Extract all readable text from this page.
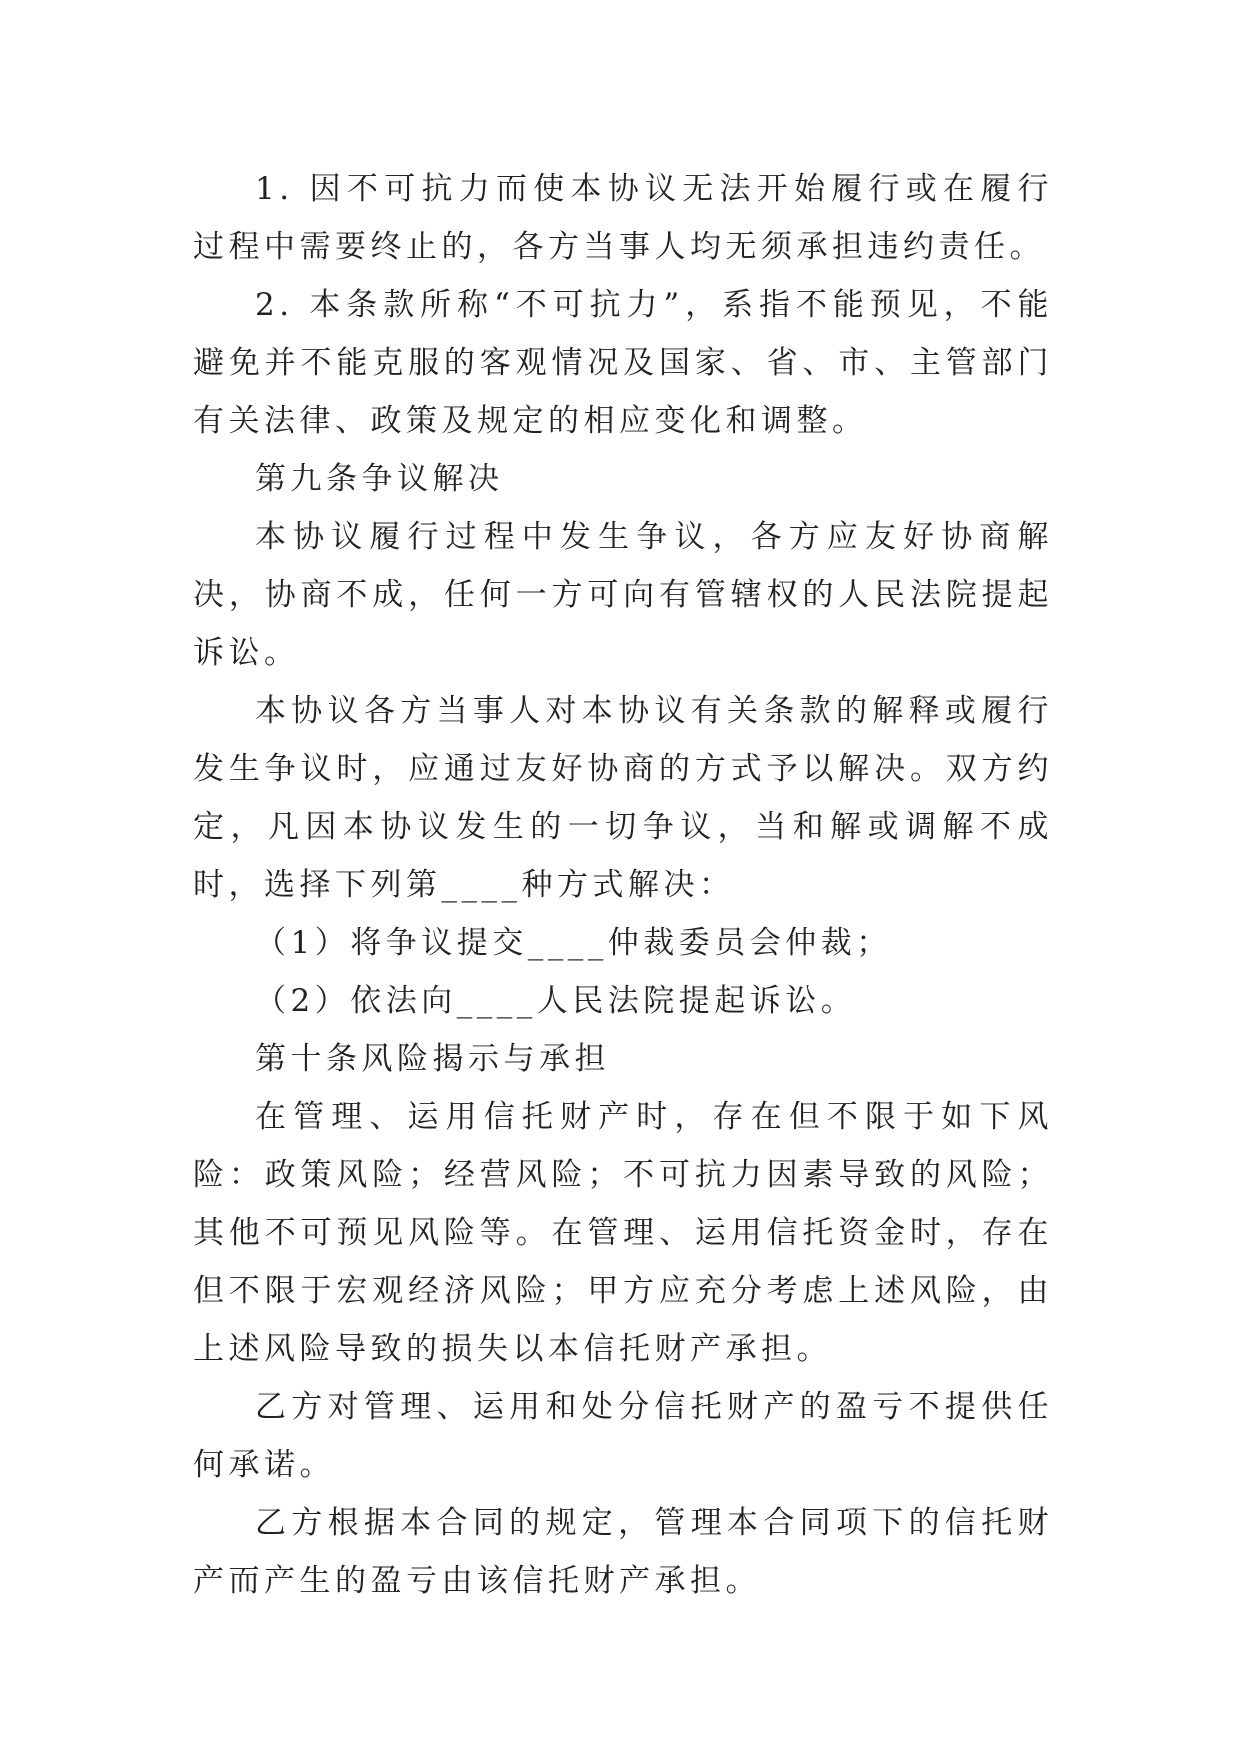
1. 因不可抗力而使本协议无法开始履行或在履行过程中需要终止的，各方当事人均无须承担违约责任。

2. 本条款所称“不可抗力”，系指不能预见，不能避免并不能克服的客观情况及国家、省、市、主管部门有关法律、政策及规定的相应变化和调整。

第九条争议解决

本协议履行过程中发生争议，各方应友好协商解决，协商不成，任何一方可向有管辖权的人民法院提起诉讼。

本协议各方当事人对本协议有关条款的解释或履行发生争议时，应通过友好协商的方式予以解决。双方约定，凡因本协议发生的一切争议，当和解或调解不成时，选择下列第____种方式解决：

（1）将争议提交____仲裁委员会仲裁；

（2）依法向____人民法院提起诉讼。

第十条风险揭示与承担

在管理、运用信托财产时，存在但不限于如下风险：政策风险；经营风险；不可抗力因素导致的风险；其他不可预见风险等。在管理、运用信托资金时，存在但不限于宏观经济风险；甲方应充分考虑上述风险，由上述风险导致的损失以本信托财产承担。

乙方对管理、运用和处分信托财产的盈亏不提供任何承诺。

乙方根据本合同的规定，管理本合同项下的信托财产而产生的盈亏由该信托财产承担。
